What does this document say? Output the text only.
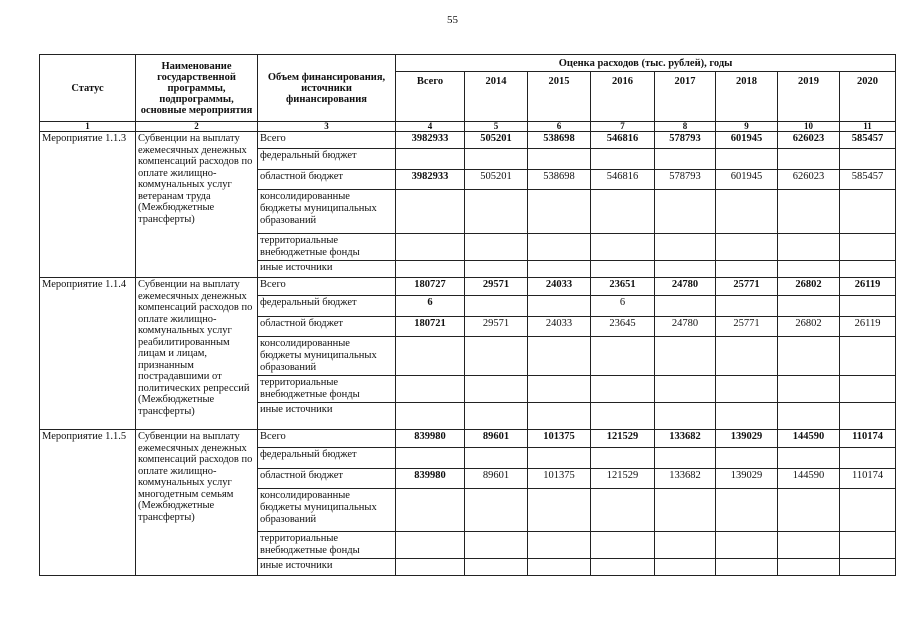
55
Статус	Наименование государственной программы, подпрограммы, основные мероприятия	Объем финансирования, источники финансирования	Оценка расходов (тыс. рублей), годы							
			Всего	2014	2015	2016	2017	2018	2019	2020
1	2	3	4	5	6	7	8	9	10	11
Мероприятие 1.1.3	Субвенции на выплату ежемесячных денежных компенсаций расходов по оплате жилищно-коммунальных услуг ветеранам труда (Межбюджетные трансферты)	Всего	3982933	505201	538698	546816	578793	601945	626023	585457
		федеральный бюджет								
		областной бюджет	3982933	505201	538698	546816	578793	601945	626023	585457
		консолидированные бюджеты муниципальных образований								
		территориальные внебюджетные фонды								
		иные источники								
Мероприятие 1.1.4	Субвенции на выплату ежемесячных денежных компенсаций расходов по оплате жилищно-коммунальных услуг реабилитированным лицам и лицам, признанным пострадавшими от политических репрессий (Межбюджетные трансферты)	Всего	180727	29571	24033	23651	24780	25771	26802	26119
		федеральный бюджет	6			6				
		областной бюджет	180721	29571	24033	23645	24780	25771	26802	26119
		консолидированные бюджеты муниципальных образований								
		территориальные внебюджетные фонды								
		иные источники								
Мероприятие 1.1.5	Субвенции на выплату ежемесячных денежных компенсаций расходов по оплате жилищно-коммунальных услуг многодетным семьям (Межбюджетные трансферты)	Всего	839980	89601	101375	121529	133682	139029	144590	110174
		федеральный бюджет								
		областной бюджет	839980	89601	101375	121529	133682	139029	144590	110174
		консолидированные бюджеты муниципальных образований								
		территориальные внебюджетные фонды								
		иные источники								
